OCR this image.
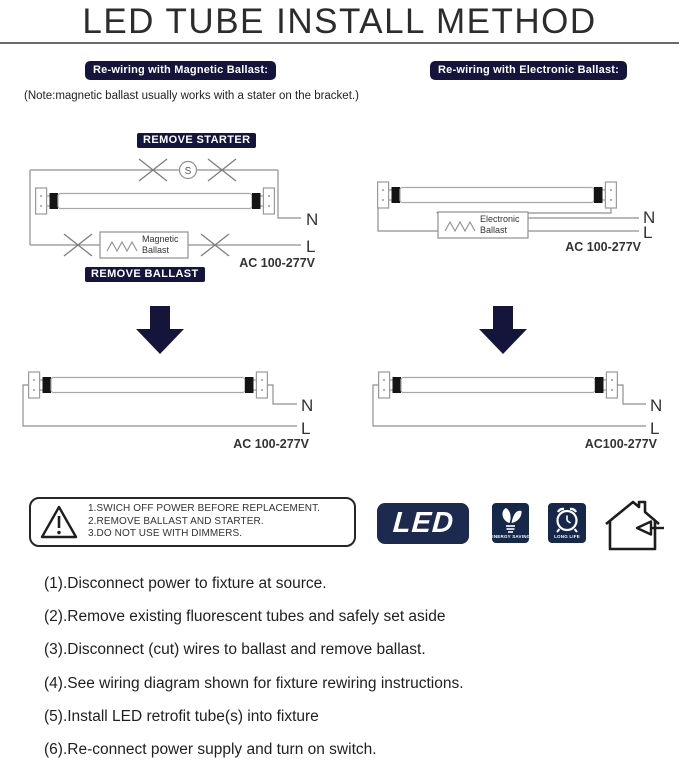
LED TUBE INSTALL METHOD
Re-wiring with Magnetic Ballast:	Re-wiring with Electronic Ballast:
(Note:magnetic ballast usually works with a stater on the bracket.)
S
Magnetic
Ballast
N
L
AC 100-277V
REMOVE STARTER
REMOVE BALLAST
Electronic
Ballast
N
L
AC 100-277V
N
L
AC 100-277V
N
L
AC100-277V
1.SWICH OFF POWER BEFORE REPLACEMENT.
2.REMOVE BALLAST AND STARTER.
3.DO NOT USE WITH DIMMERS.	LED	ENERGY SAVING	LONG LIFE
(1).Disconnect power to fixture at source.
(2).Remove existing fluorescent tubes and safely set aside
(3).Disconnect (cut) wires to ballast and remove ballast.
(4).See wiring diagram shown for fixture rewiring instructions.
(5).Install LED retrofit tube(s) into fixture
(6).Re-connect power supply and turn on switch.
